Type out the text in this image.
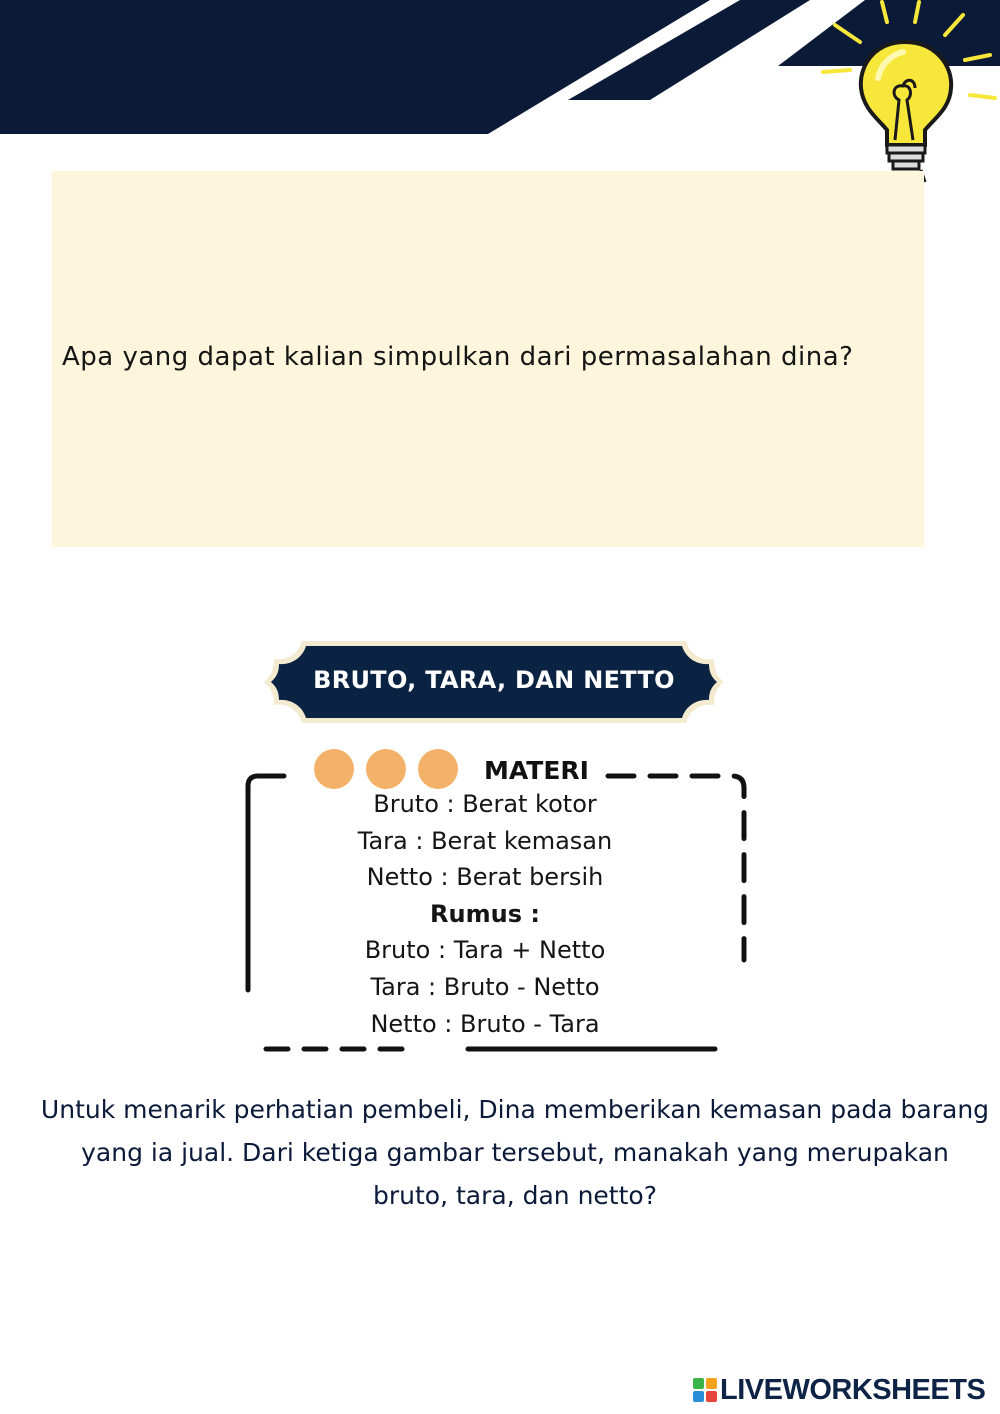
Apa yang dapat kalian simpulkan dari permasalahan dina?
BRUTO, TARA, DAN NETTO
MATERI
Bruto : Berat kotor
Tara : Berat kemasan
Netto : Berat bersih
Rumus :
Bruto : Tara + Netto
Tara : Bruto - Netto
Netto : Bruto - Tara
Untuk menarik perhatian pembeli, Dina memberikan kemasan pada barang yang ia jual. Dari ketiga gambar tersebut, manakah yang merupakan bruto, tara, dan netto?
LIVEWORKSHEETS
